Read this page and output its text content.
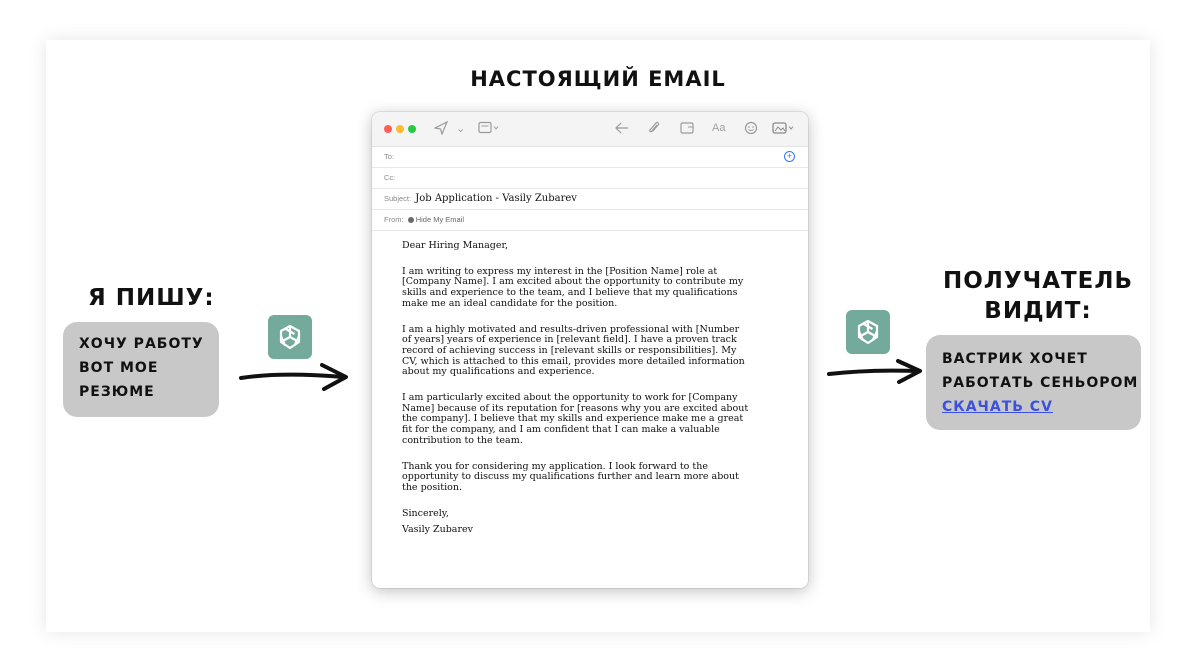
НАСТОЯЩИЙ EMAIL
Я ПИШУ:
ХОЧУ РАБОТУ
ВОТ МОЕ
РЕЗЮМЕ
⌄	Aa
To:	+
Cc:
Subject: Job Application - Vasily Zubarev
From: Hide My Email

Dear Hiring Manager,

I am writing to express my interest in the [Position Name] role at
[Company Name]. I am excited about the opportunity to contribute my
skills and experience to the team, and I believe that my qualifications
make me an ideal candidate for the position.

I am a highly motivated and results-driven professional with [Number
of years] years of experience in [relevant field]. I have a proven track
record of achieving success in [relevant skills or responsibilities]. My
CV, which is attached to this email, provides more detailed information
about my qualifications and experience.

I am particularly excited about the opportunity to work for [Company
Name] because of its reputation for [reasons why you are excited about
the company]. I believe that my skills and experience make me a great
fit for the company, and I am confident that I can make a valuable
contribution to the team.

Thank you for considering my application. I look forward to the
opportunity to discuss my qualifications further and learn more about
the position.

Sincerely,

Vasily Zubarev

ПОЛУЧАТЕЛЬ
ВИДИТ:
ВАСТРИК ХОЧЕТ
РАБОТАТЬ СЕНЬОРОМ
СКАЧАТЬ CV
